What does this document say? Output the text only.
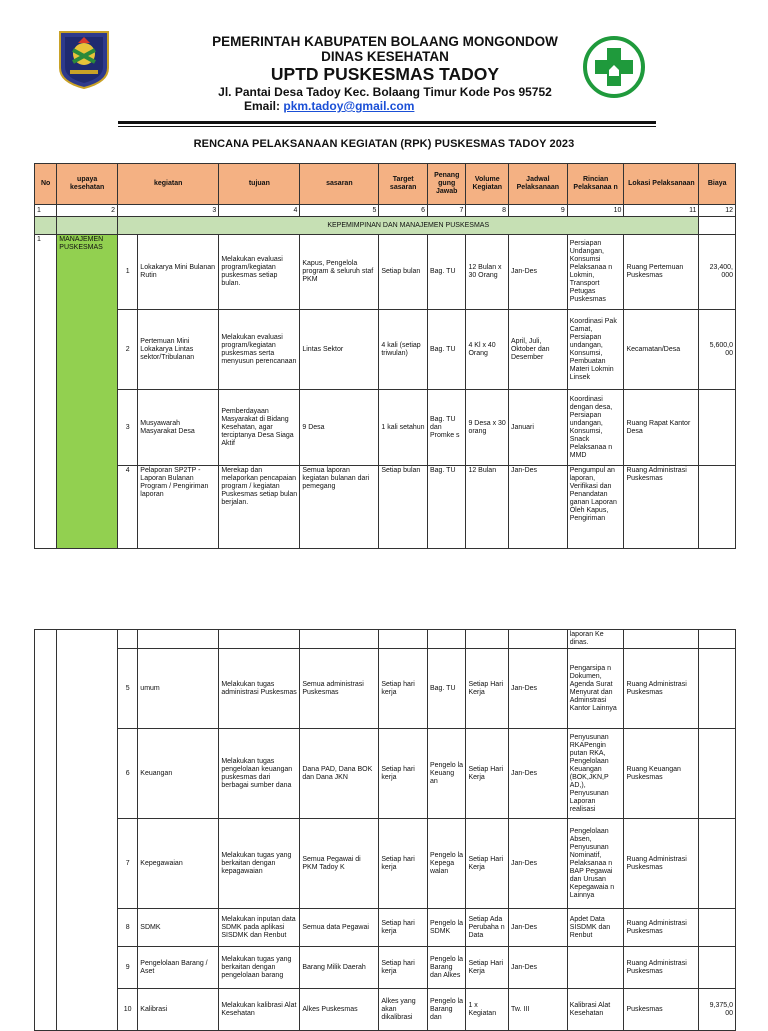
PEMERINTAH KABUPATEN BOLAANG MONGONDOW
DINAS KESEHATAN
UPTD PUSKESMAS TADOY
Jl. Pantai Desa Tadoy Kec. Bolaang Timur Kode Pos 95752
Email: pkm.tadoy@gmail.com
RENCANA PELAKSANAAN KEGIATAN (RPK) PUSKESMAS TADOY 2023
No	upaya kesehatan	kegiatan		tujuan	sasaran	Target sasaran	Penang gung Jawab	Volume Kegiatan	Jadwal Pelaksanaan	Rincian Pelaksanaa n	Lokasi Pelaksanaan	Biaya
1	2	3		4	5	6	7	8	9	10	11	12
		KEPEMIMPINAN DAN MANAJEMEN PUSKESMAS										
1	MANAJEMEN PUSKESMAS	1	Lokakarya Mini Bulanan Rutin	Melakukan evaluasi program/kegiatan puskesmas setiap bulan.	Kapus, Pengelola program & seluruh staf PKM	Setiap bulan	Bag. TU	12 Bulan x 30 Orang	Jan-Des	Persiapan Undangan, Konsumsi Pelaksanaa n Lokmin, Transport Petugas Puskesmas	Ruang Pertemuan Puskesmas	23,400, 000
		2	Pertemuan Mini Lokakarya Lintas sektor/Tribulanan	Melakukan evaluasi program/kegiatan puskesmas serta menyusun perencanaan	Lintas Sektor	4 kali (setiap triwulan)	Bag. TU	4 Kl x 40 Orang	April, Juli, Oktober dan Desember	Koordinasi Pak Camat, Persiapan undangan, Konsumsi, Pembuatan Materi Lokmin Linsek	Kecamatan/Desa	5,600,0 00
		3	Musyawarah Masyarakat Desa	Pemberdayaan Masyarakat di Bidang Kesehatan, agar terciptanya Desa Siaga Aktif	9 Desa	1 kali setahun	Bag. TU dan Promke s	9 Desa x 30 orang	Januari	Koordinasi dengan desa, Persiapan undangan, Konsumsi, Snack Pelaksanaa n MMD	Ruang Rapat Kantor Desa	
		4	Pelaporan SP2TP - Laporan Bulanan Program / Pengiriman laporan	Merekap dan melaporkan pencapaian program / kegiatan Puskesmas setiap bulan berjalan.	Semua laporan kegiatan bulanan dari pemegang	Setiap bulan	Bag. TU	12 Bulan	Jan-Des	Pengumpul an laporan, Verifikasi dan Penandatan ganan Laporan Oleh Kapus, Pengiriman	Ruang Administrasi Puskesmas	
										laporan Ke dinas.		
		5	umum	Melakukan tugas administrasi Puskesmas	Semua administrasi Puskesmas	Setiap hari kerja	Bag. TU	Setiap Hari Kerja	Jan-Des	Pengarsipa n Dokumen, Agenda Surat Menyurat dan Adminstrasi Kantor Lainnya	Ruang Administrasi Puskesmas	
		6	Keuangan	Melakukan tugas pengelolaan keuangan puskesmas dari berbagai sumber dana	Dana PAD, Dana BOK dan Dana JKN	Setiap hari kerja	Pengelo la Keuang an	Setiap Hari Kerja	Jan-Des	Penyusunan RKAPengin putan RKA, Pengelolaan Keuangan (BOK,JKN,P AD,), Penyusunan Laporan realisasi	Ruang Keuangan Puskesmas	
		7	Kepegawaian	Melakukan tugas yang berkaitan dengan kepagawaian	Semua Pegawai di PKM Tadoy K	Setiap hari kerja	Pengelo la Kepega walan	Setiap Hari Kerja	Jan-Des	Pengelolaan Absen, Penyusunan Nominatif, Pelaksanaa n BAP Pegawai dan Urusan Kepegawaia n Lainnya	Ruang Administrasi Puskesmas	
		8	SDMK	Melakukan inputan data SDMK pada aplikasi SISDMK dan Renbut	Semua data Pegawai	Setiap hari kerja	Pengelo la SDMK	Setiap Ada Perubaha n Data	Jan-Des	Apdet Data SISDMK dan Renbut	Ruang Administrasi Puskesmas	
		9	Pengelolaan Barang / Aset	Melakukan tugas yang berkaitan dengan pengelolaan barang	Barang Milik Daerah	Setiap hari kerja	Pengelo la Barang dan Alkes	Setiap Hari Kerja	Jan-Des		Ruang Administrasi Puskesmas	
		10	Kalibrasi	Melakukan kalibrasi Alat Kesehatan	Alkes Puskesmas	Alkes yang akan dikalibrasi	Pengelo la Barang dan	1 x Kegiatan	Tw. III	Kalibrasi Alat Kesehatan	Puskesmas	9,375,0 00
